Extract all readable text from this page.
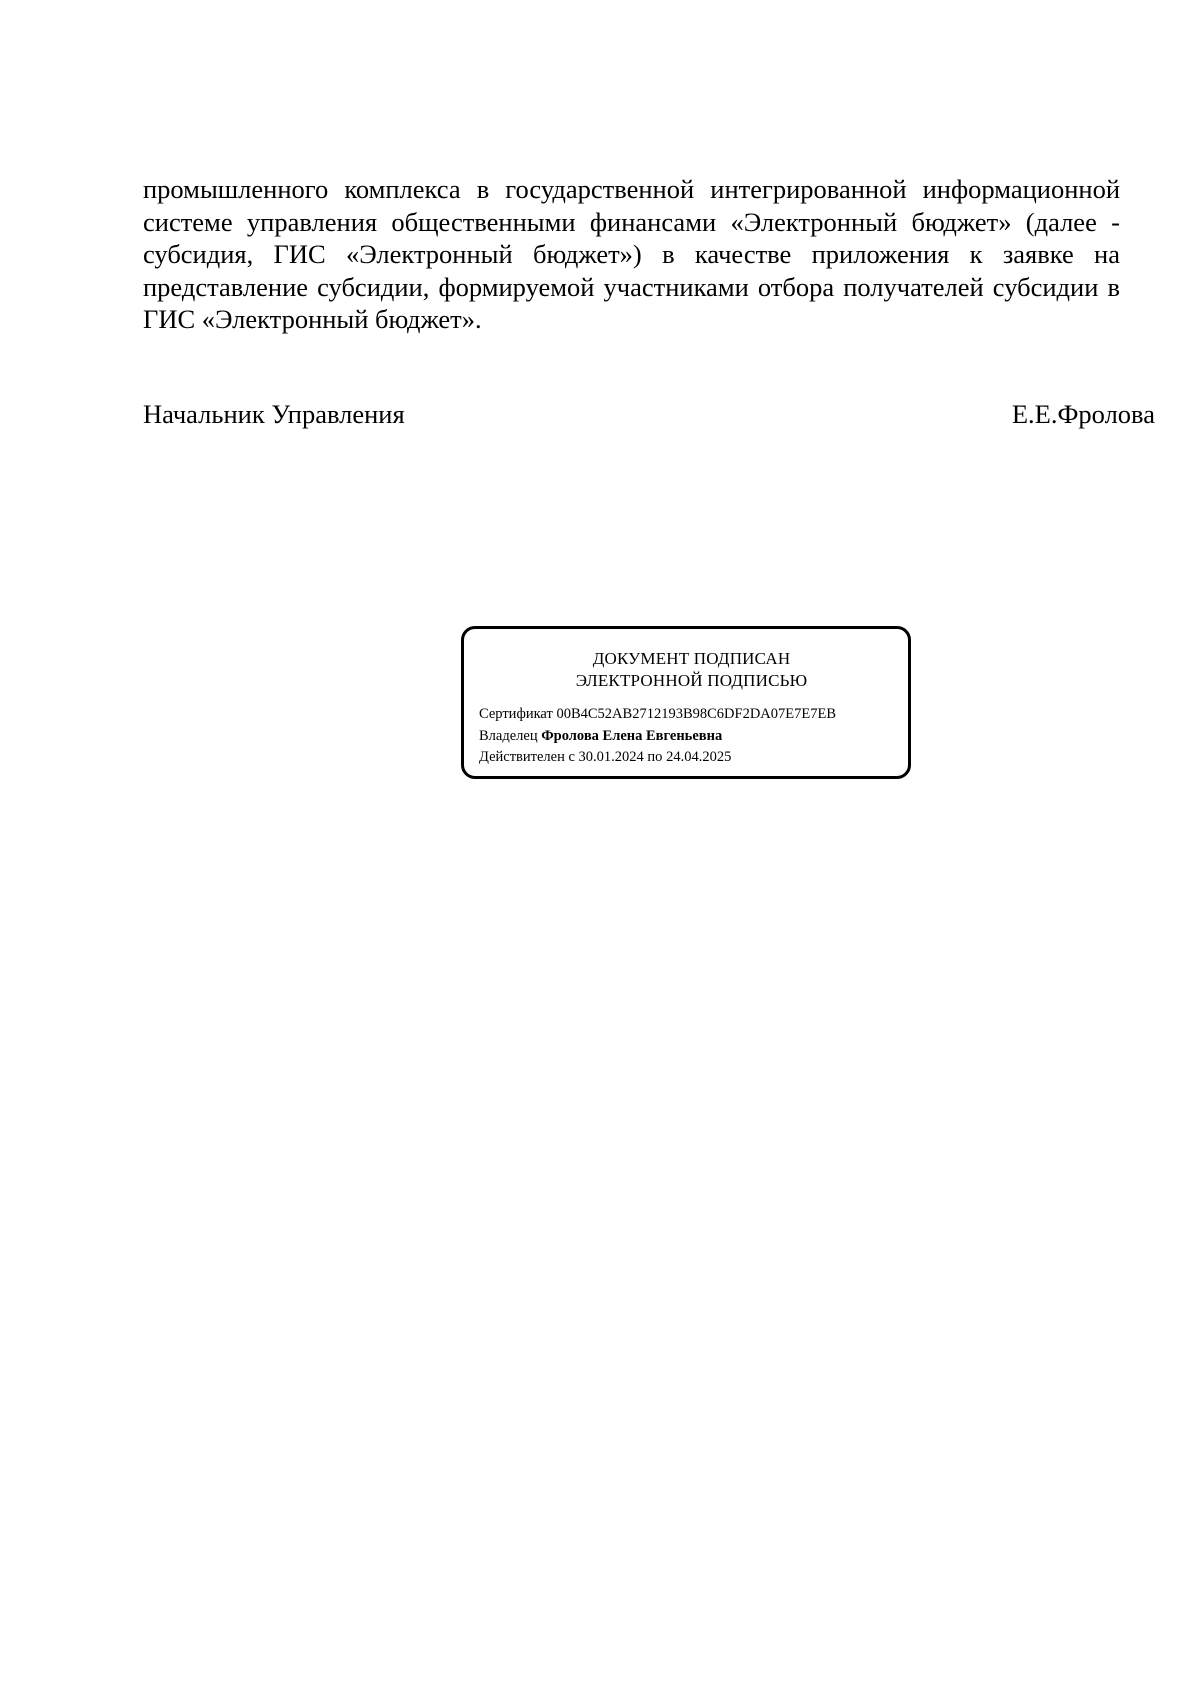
промышленного комплекса в государственной интегрированной информационной системе управления общественными финансами «Электронный бюджет» (далее - субсидия, ГИС «Электронный бюджет») в качестве приложения к заявке на представление субсидии, формируемой участниками отбора получателей субсидии в ГИС «Электронный бюджет».

Начальник Управления	Е.Е.Фролова
ДОКУМЕНТ ПОДПИСАН
ЭЛЕКТРОННОЙ ПОДПИСЬЮ
Сертификат 00B4C52AB2712193B98C6DF2DA07E7E7EB
Владелец Фролова Елена Евгеньевна
Действителен с 30.01.2024 по 24.04.2025
